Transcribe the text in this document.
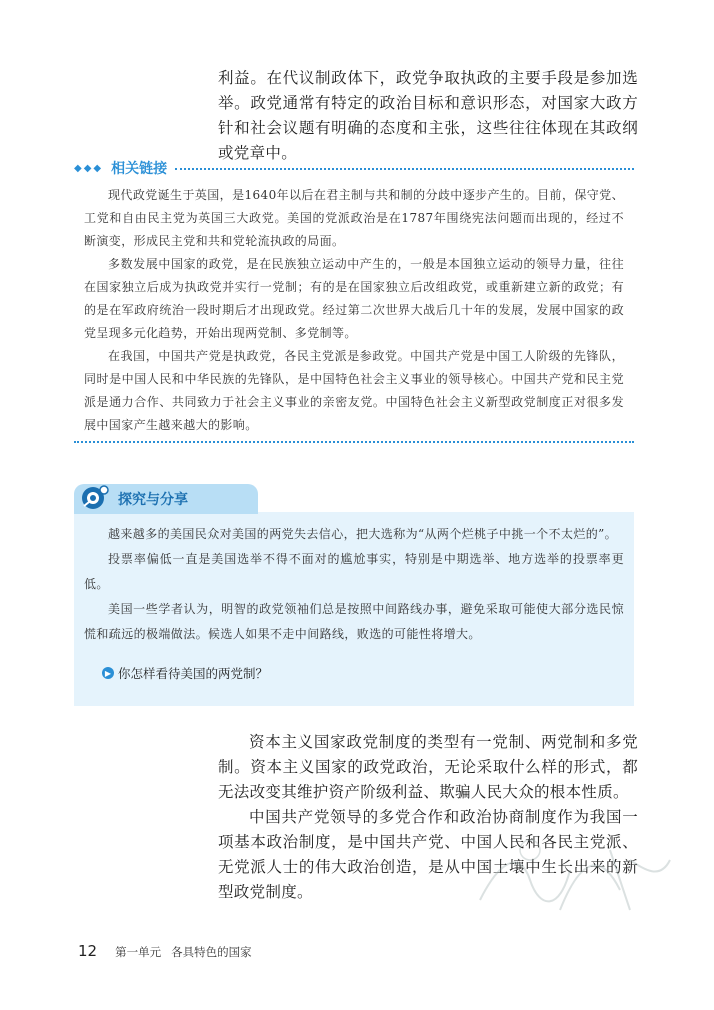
利益。在代议制政体下，政党争取执政的主要手段是参加选举。政党通常有特定的政治目标和意识形态，对国家大政方针和社会议题有明确的态度和主张，这些往往体现在其政纲或党章中。
◆◆◆ 相关链接

现代政党诞生于英国，是1640年以后在君主制与共和制的分歧中逐步产生的。目前，保守党、工党和自由民主党为英国三大政党。美国的党派政治是在1787年围绕宪法问题而出现的，经过不断演变，形成民主党和共和党轮流执政的局面。

多数发展中国家的政党，是在民族独立运动中产生的，一般是本国独立运动的领导力量，往往在国家独立后成为执政党并实行一党制；有的是在国家独立后改组政党，或重新建立新的政党；有的是在军政府统治一段时期后才出现政党。经过第二次世界大战后几十年的发展，发展中国家的政党呈现多元化趋势，开始出现两党制、多党制等。

在我国，中国共产党是执政党，各民主党派是参政党。中国共产党是中国工人阶级的先锋队，同时是中国人民和中华民族的先锋队，是中国特色社会主义事业的领导核心。中国共产党和民主党派是通力合作、共同致力于社会主义事业的亲密友党。中国特色社会主义新型政党制度正对很多发展中国家产生越来越大的影响。

探究与分享

越来越多的美国民众对美国的两党失去信心，把大选称为“从两个烂桃子中挑一个不太烂的”。

投票率偏低一直是美国选举不得不面对的尴尬事实，特别是中期选举、地方选举的投票率更低。

美国一些学者认为，明智的政党领袖们总是按照中间路线办事，避免采取可能使大部分选民惊慌和疏远的极端做法。候选人如果不走中间路线，败选的可能性将增大。

▶ 你怎样看待美国的两党制？

资本主义国家政党制度的类型有一党制、两党制和多党制。资本主义国家的政党政治，无论采取什么样的形式，都无法改变其维护资产阶级利益、欺骗人民大众的根本性质。

中国共产党领导的多党合作和政治协商制度作为我国一项基本政治制度，是中国共产党、中国人民和各民主党派、无党派人士的伟大政治创造，是从中国土壤中生长出来的新型政党制度。

12 第一单元 各具特色的国家
